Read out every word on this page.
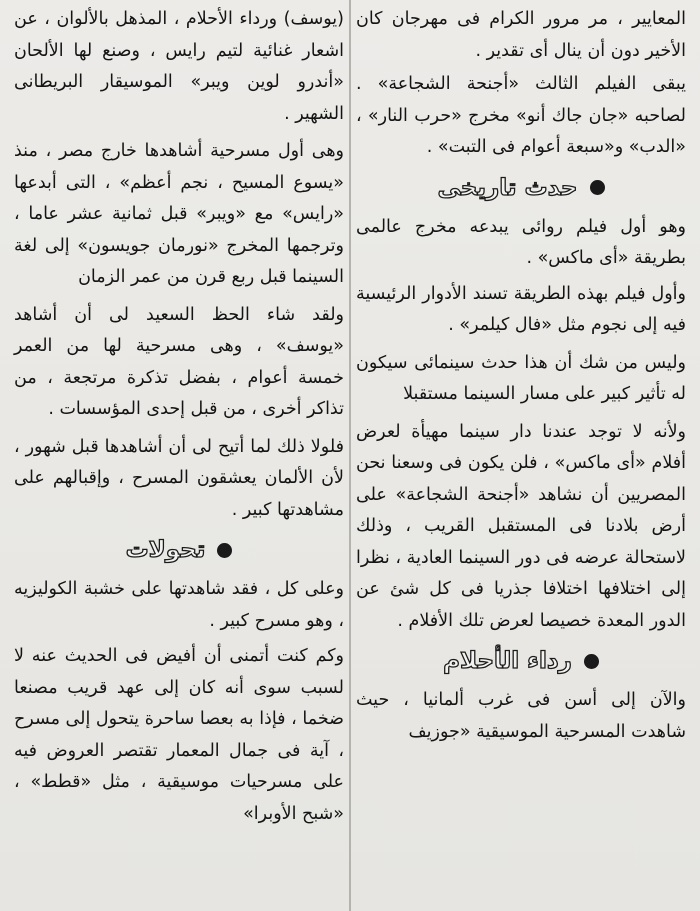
المعايير ، مر مرور الكرام فى مهرجان كان الأخير دون أن ينال أى تقدير .

يبقى الفيلم الثالث «أجنحة الشجاعة» . لصاحبه «جان جاك أنو» مخرج «حرب النار» ، «الدب» و«سبعة أعوام فى التبت» .

حدث تاريخى

وهو أول فيلم روائى يبدعه مخرج عالمى بطريقة «أى ماكس» .

وأول فيلم بهذه الطريقة تسند الأدوار الرئيسية فيه إلى نجوم مثل «فال كيلمر» .

وليس من شك أن هذا حدث سينمائى سيكون له تأثير كبير على مسار السينما مستقبلا

ولأنه لا توجد عندنا دار سينما مهيأة لعرض أفلام «أى ماكس» ، فلن يكون فى وسعنا نحن المصريين أن نشاهد «أجنحة الشجاعة» على أرض بلادنا فى المستقبل القريب ، وذلك لاستحالة عرضه فى دور السينما العادية ، نظرا إلى اختلافها اختلافا جذريا فى كل شئ عن الدور المعدة خصيصا لعرض تلك الأفلام .

رداء الأحلام

والآن إلى أسن فى غرب ألمانيا ، حيث شاهدت المسرحية الموسيقية «جوزيف

(يوسف) ورداء الأحلام ، المذهل بالألوان ، عن اشعار غنائية لتيم رايس ، وصنع لها الألحان «أندرو لوين ويبر» الموسيقار البريطانى الشهير .

وهى أول مسرحية أشاهدها خارج مصر ، منذ «يسوع المسيح ، نجم أعظم» ، التى أبدعها «رايس» مع «ويبر» قبل ثمانية عشر عاما ، وترجمها المخرج «نورمان جويسون» إلى لغة السينما قبل ربع قرن من عمر الزمان

ولقد شاء الحظ السعيد لى أن أشاهد «يوسف» ، وهى مسرحية لها من العمر خمسة أعوام ، بفضل تذكرة مرتجعة ، من تذاكر أخرى ، من قبل إحدى المؤسسات .

فلولا ذلك لما أتيح لى أن أشاهدها قبل شهور ، لأن الألمان يعشقون المسرح ، وإقبالهم على مشاهدتها كبير .

تحولات

وعلى كل ، فقد شاهدتها على خشبة الكوليزيه ، وهو مسرح كبير .

وكم كنت أتمنى أن أفيض فى الحديث عنه لا لسبب سوى أنه كان إلى عهد قريب مصنعا ضخما ، فإذا به بعصا ساحرة يتحول إلى مسرح ، آية فى جمال المعمار تقتصر العروض فيه على مسرحيات موسيقية ، مثل «قطط» ، «شبح الأوبرا»
